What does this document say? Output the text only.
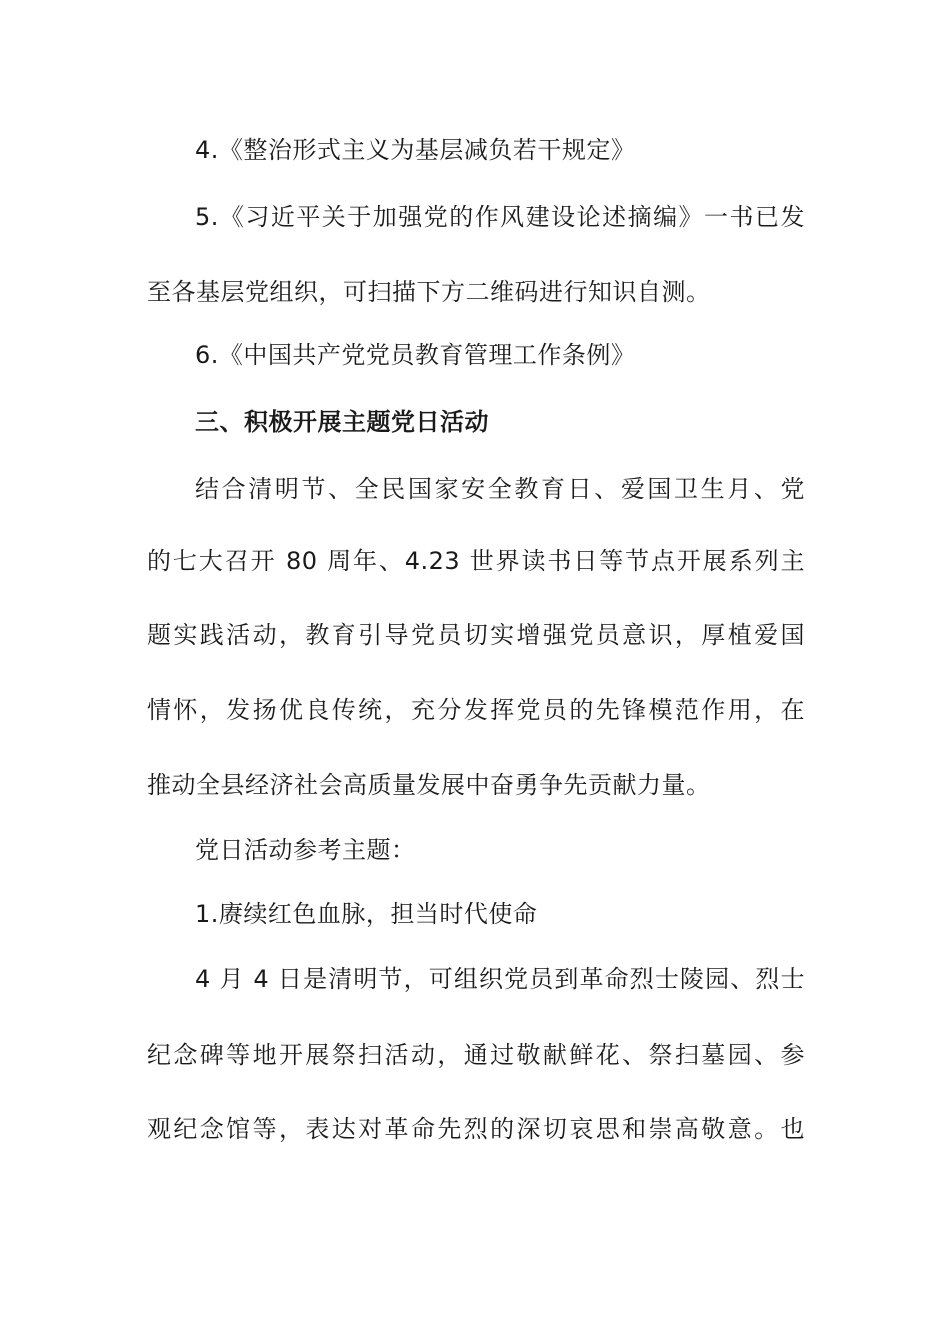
4.《整治形式主义为基层减负若干规定》
5.《习近平关于加强党的作风建设论述摘编》一书已发
至各基层党组织，可扫描下方二维码进行知识自测。
6.《中国共产党党员教育管理工作条例》
三、积极开展主题党日活动
结合清明节、全民国家安全教育日、爱国卫生月、党
的七大召开 80 周年、4.23 世界读书日等节点开展系列主
题实践活动，教育引导党员切实增强党员意识，厚植爱国
情怀，发扬优良传统，充分发挥党员的先锋模范作用，在
推动全县经济社会高质量发展中奋勇争先贡献力量。
党日活动参考主题：
1.赓续红色血脉，担当时代使命
4 月 4 日是清明节，可组织党员到革命烈士陵园、烈士
纪念碑等地开展祭扫活动，通过敬献鲜花、祭扫墓园、参
观纪念馆等，表达对革命先烈的深切哀思和崇高敬意。也
